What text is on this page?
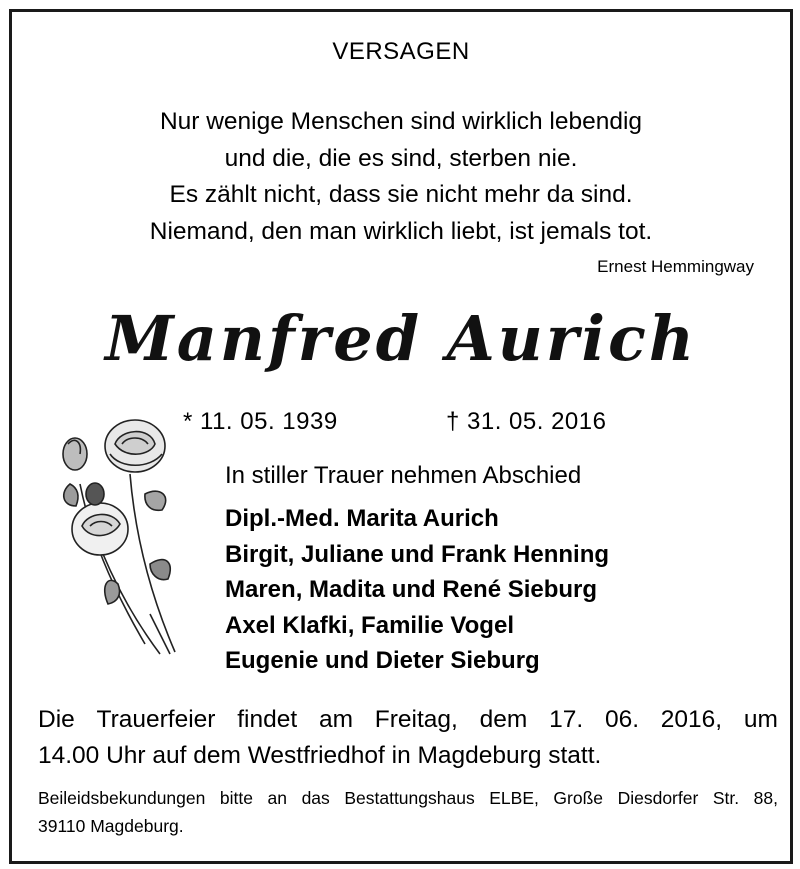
VERSAGEN
Nur wenige Menschen sind wirklich lebendig
und die, die es sind, sterben nie.
Es zählt nicht, dass sie nicht mehr da sind.
Niemand, den man wirklich liebt, ist jemals tot.
Ernest Hemmingway
Manfred Aurich
* 11. 05. 1939	† 31. 05. 2016
In stiller Trauer nehmen Abschied
Dipl.-Med. Marita Aurich
Birgit, Juliane und Frank Henning
Maren, Madita und René Sieburg
Axel Klafki, Familie Vogel
Eugenie und Dieter Sieburg
Die Trauerfeier findet am Freitag, dem 17. 06. 2016, um
14.00 Uhr auf dem Westfriedhof in Magdeburg statt.
Beileidsbekundungen bitte an das Bestattungshaus ELBE, Große Diesdorfer Str. 88,
39110 Magdeburg.
